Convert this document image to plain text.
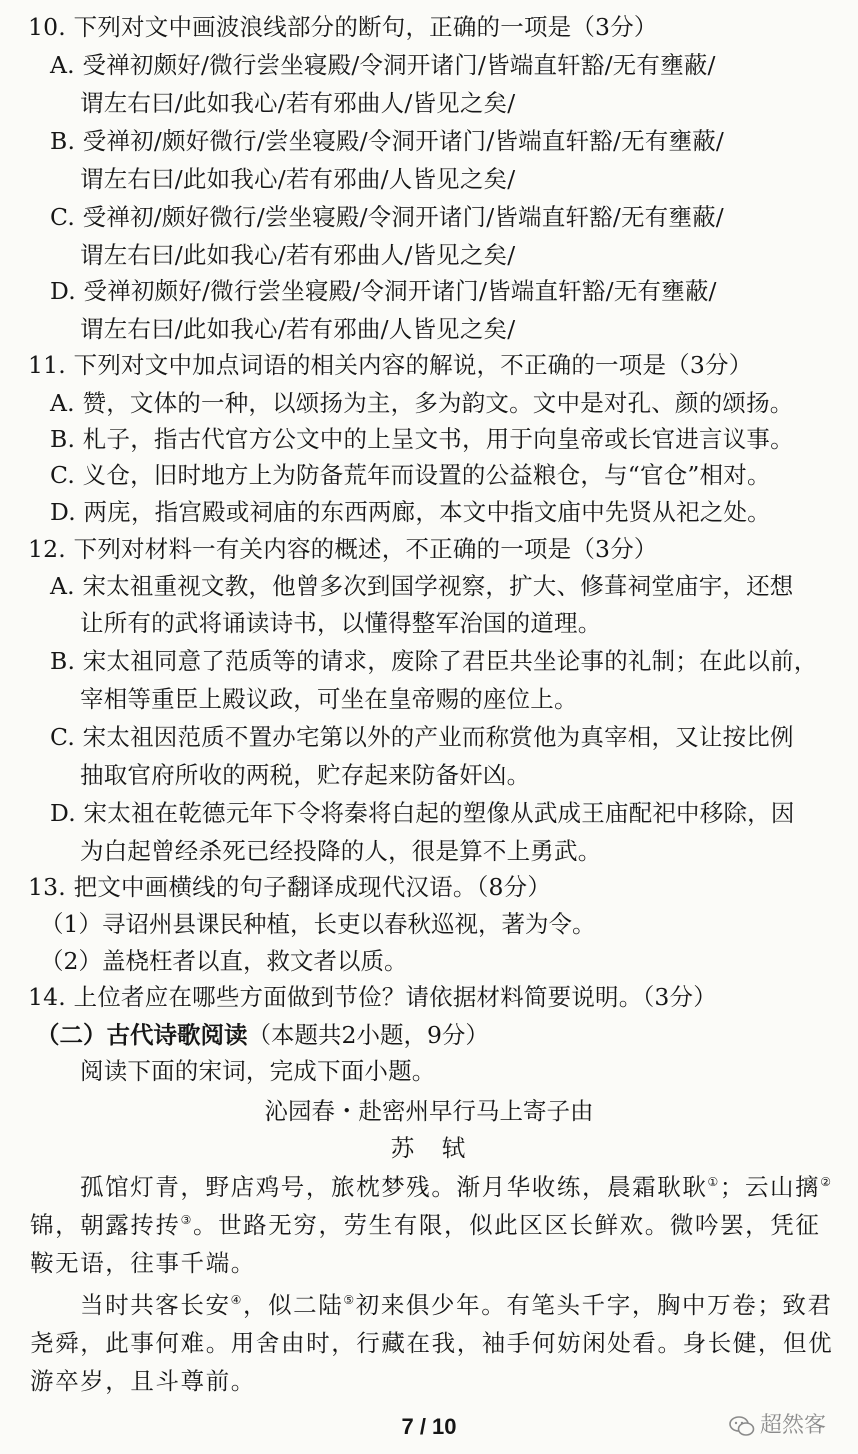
10. 下列对文中画波浪线部分的断句，正确的一项是（3分）
A. 受禅初颇好/微行尝坐寝殿/令洞开诸门/皆端直轩豁/无有壅蔽/
谓左右曰/此如我心/若有邪曲人/皆见之矣/
B. 受禅初/颇好微行/尝坐寝殿/令洞开诸门/皆端直轩豁/无有壅蔽/
谓左右曰/此如我心/若有邪曲/人皆见之矣/
C. 受禅初/颇好微行/尝坐寝殿/令洞开诸门/皆端直轩豁/无有壅蔽/
谓左右曰/此如我心/若有邪曲人/皆见之矣/
D. 受禅初颇好/微行尝坐寝殿/令洞开诸门/皆端直轩豁/无有壅蔽/
谓左右曰/此如我心/若有邪曲/人皆见之矣/
11. 下列对文中加点词语的相关内容的解说，不正确的一项是（3分）
A. 赞，文体的一种，以颂扬为主，多为韵文。文中是对孔、颜的颂扬。
B. 札子，指古代官方公文中的上呈文书，用于向皇帝或长官进言议事。
C. 义仓，旧时地方上为防备荒年而设置的公益粮仓，与“官仓”相对。
D. 两庑，指宫殿或祠庙的东西两廊，本文中指文庙中先贤从祀之处。
12. 下列对材料一有关内容的概述，不正确的一项是（3分）
A. 宋太祖重视文教，他曾多次到国学视察，扩大、修葺祠堂庙宇，还想
让所有的武将诵读诗书，以懂得整军治国的道理。
B. 宋太祖同意了范质等的请求，废除了君臣共坐论事的礼制；在此以前，
宰相等重臣上殿议政，可坐在皇帝赐的座位上。
C. 宋太祖因范质不置办宅第以外的产业而称赏他为真宰相，又让按比例
抽取官府所收的两税，贮存起来防备奸凶。
D. 宋太祖在乾德元年下令将秦将白起的塑像从武成王庙配祀中移除，因
为白起曾经杀死已经投降的人，很是算不上勇武。
13. 把文中画横线的句子翻译成现代汉语。（8分）
（1）寻诏州县课民种植，长吏以春秋巡视，著为令。
（2）盖桡枉者以直，救文者以质。
14. 上位者应在哪些方面做到节俭？请依据材料简要说明。（3分）
（二）古代诗歌阅读（本题共2小题，9分）
阅读下面的宋词，完成下面小题。
沁园春・赴密州早行马上寄子由
苏　轼
孤馆灯青，野店鸡号，旅枕梦残。渐月华收练，晨霜耿耿①；云山摛②
锦，朝露抟抟③。世路无穷，劳生有限，似此区区长鲜欢。微吟罢，凭征
鞍无语，往事千端。
当时共客长安④，似二陆⑤初来俱少年。有笔头千字，胸中万卷；致君
尧舜，此事何难。用舍由时，行藏在我，袖手何妨闲处看。身长健，但优
游卒岁，且斗尊前。
7 / 10	超然客
